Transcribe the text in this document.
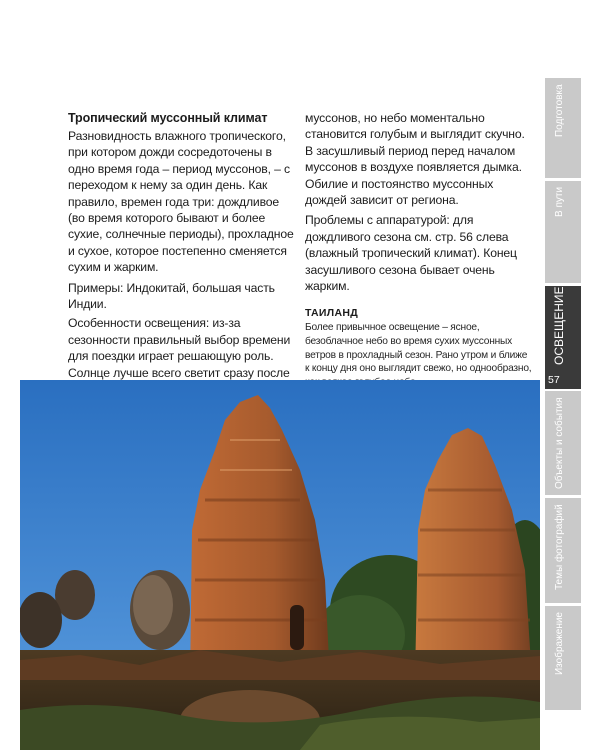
Тропический муссонный климат

Разновидность влажного тропического, при котором дожди сосредоточены в одно время года – период муссонов, – с переходом к нему за один день. Как правило, времен года три: дождливое (во время которого бывают и более сухие, солнечные периоды), прохладное и сухое, которое постепенно сменяется сухим и жарким.

Примеры: Индокитай, большая часть Индии.

Особенности освещения: из-за сезонности правильный выбор времени для поездки играет решающую роль. Солнце лучше всего светит сразу после

муссонов, но небо моментально становится голубым и выглядит скучно. В засушливый период перед началом муссонов в воздухе появляется дымка. Обилие и постоянство муссонных дождей зависит от региона.

Проблемы с аппаратурой: для дождливого сезона см. стр. 56 слева (влажный тропический климат). Конец засушливого сезона бывает очень жарким.

ТАИЛАНД

Более привычное освещение – ясное, безоблачное небо во время сухих муссонных ветров в прохладный сезон. Рано утром и ближе к концу дня оно выглядит свежо, но однообразно,

Подготовка
В пути
ОСВЕЩЕНИЕ
Объекты и события
Темы фотографий
Изображение
57
